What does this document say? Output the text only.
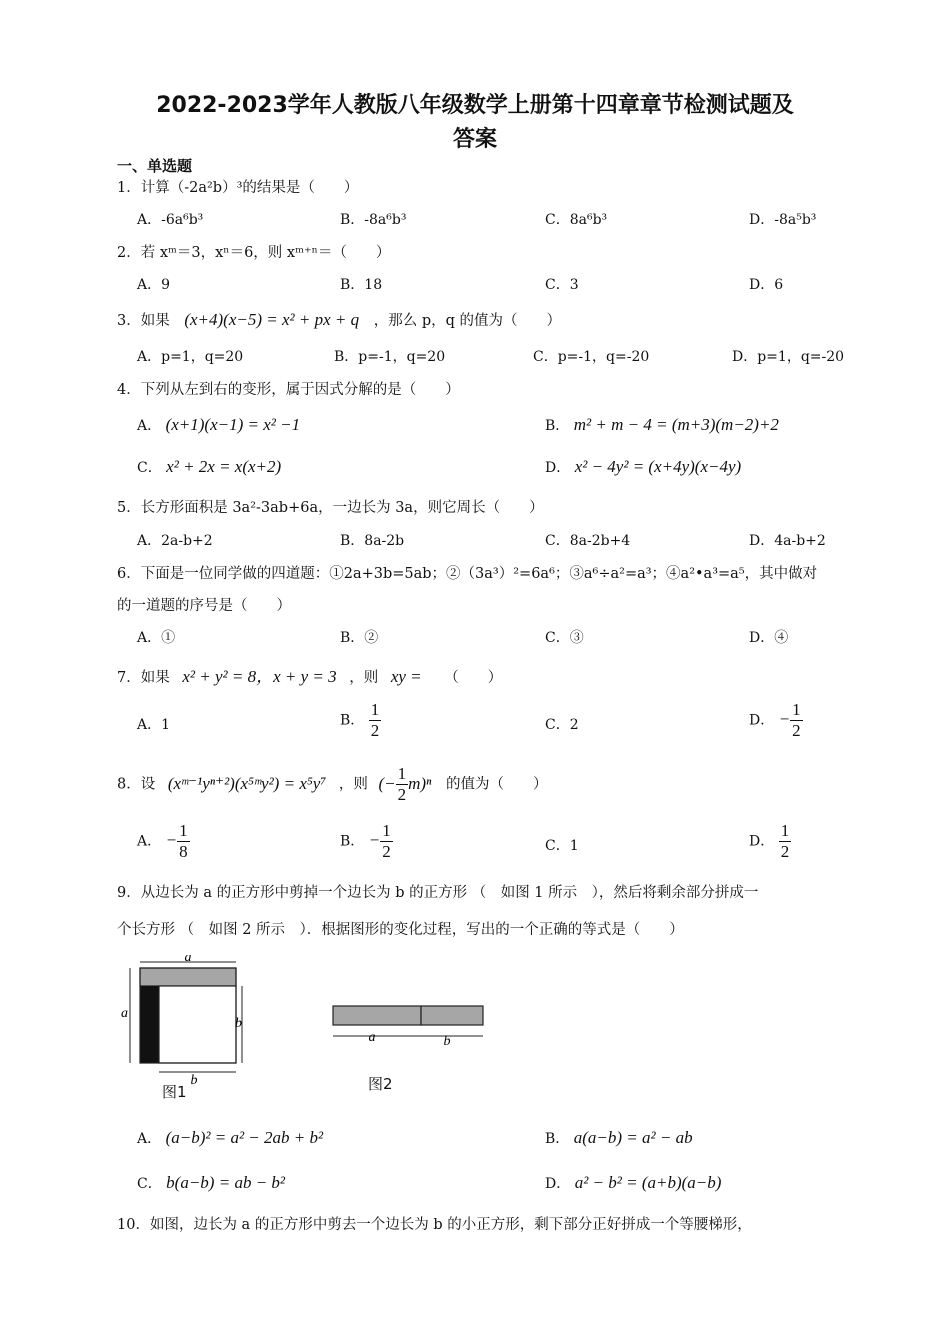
2022-2023学年人教版八年级数学上册第十四章章节检测试题及
答案
一、单选题
1．计算（-2a²b）³的结果是（　　）
A．-6a⁶b³	B．-8a⁶b³	C．8a⁶b³	D．-8a⁵b³
2．若 xᵐ＝3，xⁿ＝6，则 xᵐ⁺ⁿ＝（　　）
A．9	B．18	C．3	D．6
3．如果 (x+4)(x−5) = x² + px + q ，那么 p，q 的值为（　　）
A．p=1，q=20	B．p=-1，q=20	C．p=-1，q=-20	D．p=1，q=-20
4．下列从左到右的变形，属于因式分解的是（　　）
A． (x+1)(x−1) = x² −1	B． m² + m − 4 = (m+3)(m−2)+2
C． x² + 2x = x(x+2)	D． x² − 4y² = (x+4y)(x−4y)
5．长方形面积是 3a²-3ab+6a，一边长为 3a，则它周长（　　）
A．2a-b+2	B．8a-2b	C．8a-2b+4	D．4a-b+2
6．下面是一位同学做的四道题：①2a+3b=5ab；②（3a³）²=6a⁶；③a⁶÷a²=a³；④a²•a³=a⁵，其中做对
的一道题的序号是（　　）
A．①	B．②	C．③	D．④
7．如果 x² + y² = 8，x + y = 3 ，则 xy = （　　）
A．1	B． $\frac{1}{2}$	C．2	D． − $\frac{1}{2}$
8．设 (xᵐ⁻¹yⁿ⁺²)(x⁵ᵐy²) = x⁵y⁷ ，则 (− $\frac{1}{2} m)^n$ 的值为（　　）
A． − $\frac{1}{8}$	B． − $\frac{1}{2}$	C．1	D． $\frac{1}{2}$
9．从边长为 a 的正方形中剪掉一个边长为 b 的正方形 （　如图 1 所示　），然后将剩余部分拼成一
个长方形 （　如图 2 所示　）．根据图形的变化过程，写出的一个正确的等式是（　　）
a
a
b
b
图1
a	b
图2
A． (a−b)² = a² − 2ab + b²	B． a(a−b) = a² − ab
C． b(a−b) = ab − b²	D． a² − b² = (a+b)(a−b)
10．如图，边长为 a 的正方形中剪去一个边长为 b 的小正方形，剩下部分正好拼成一个等腰梯形，
